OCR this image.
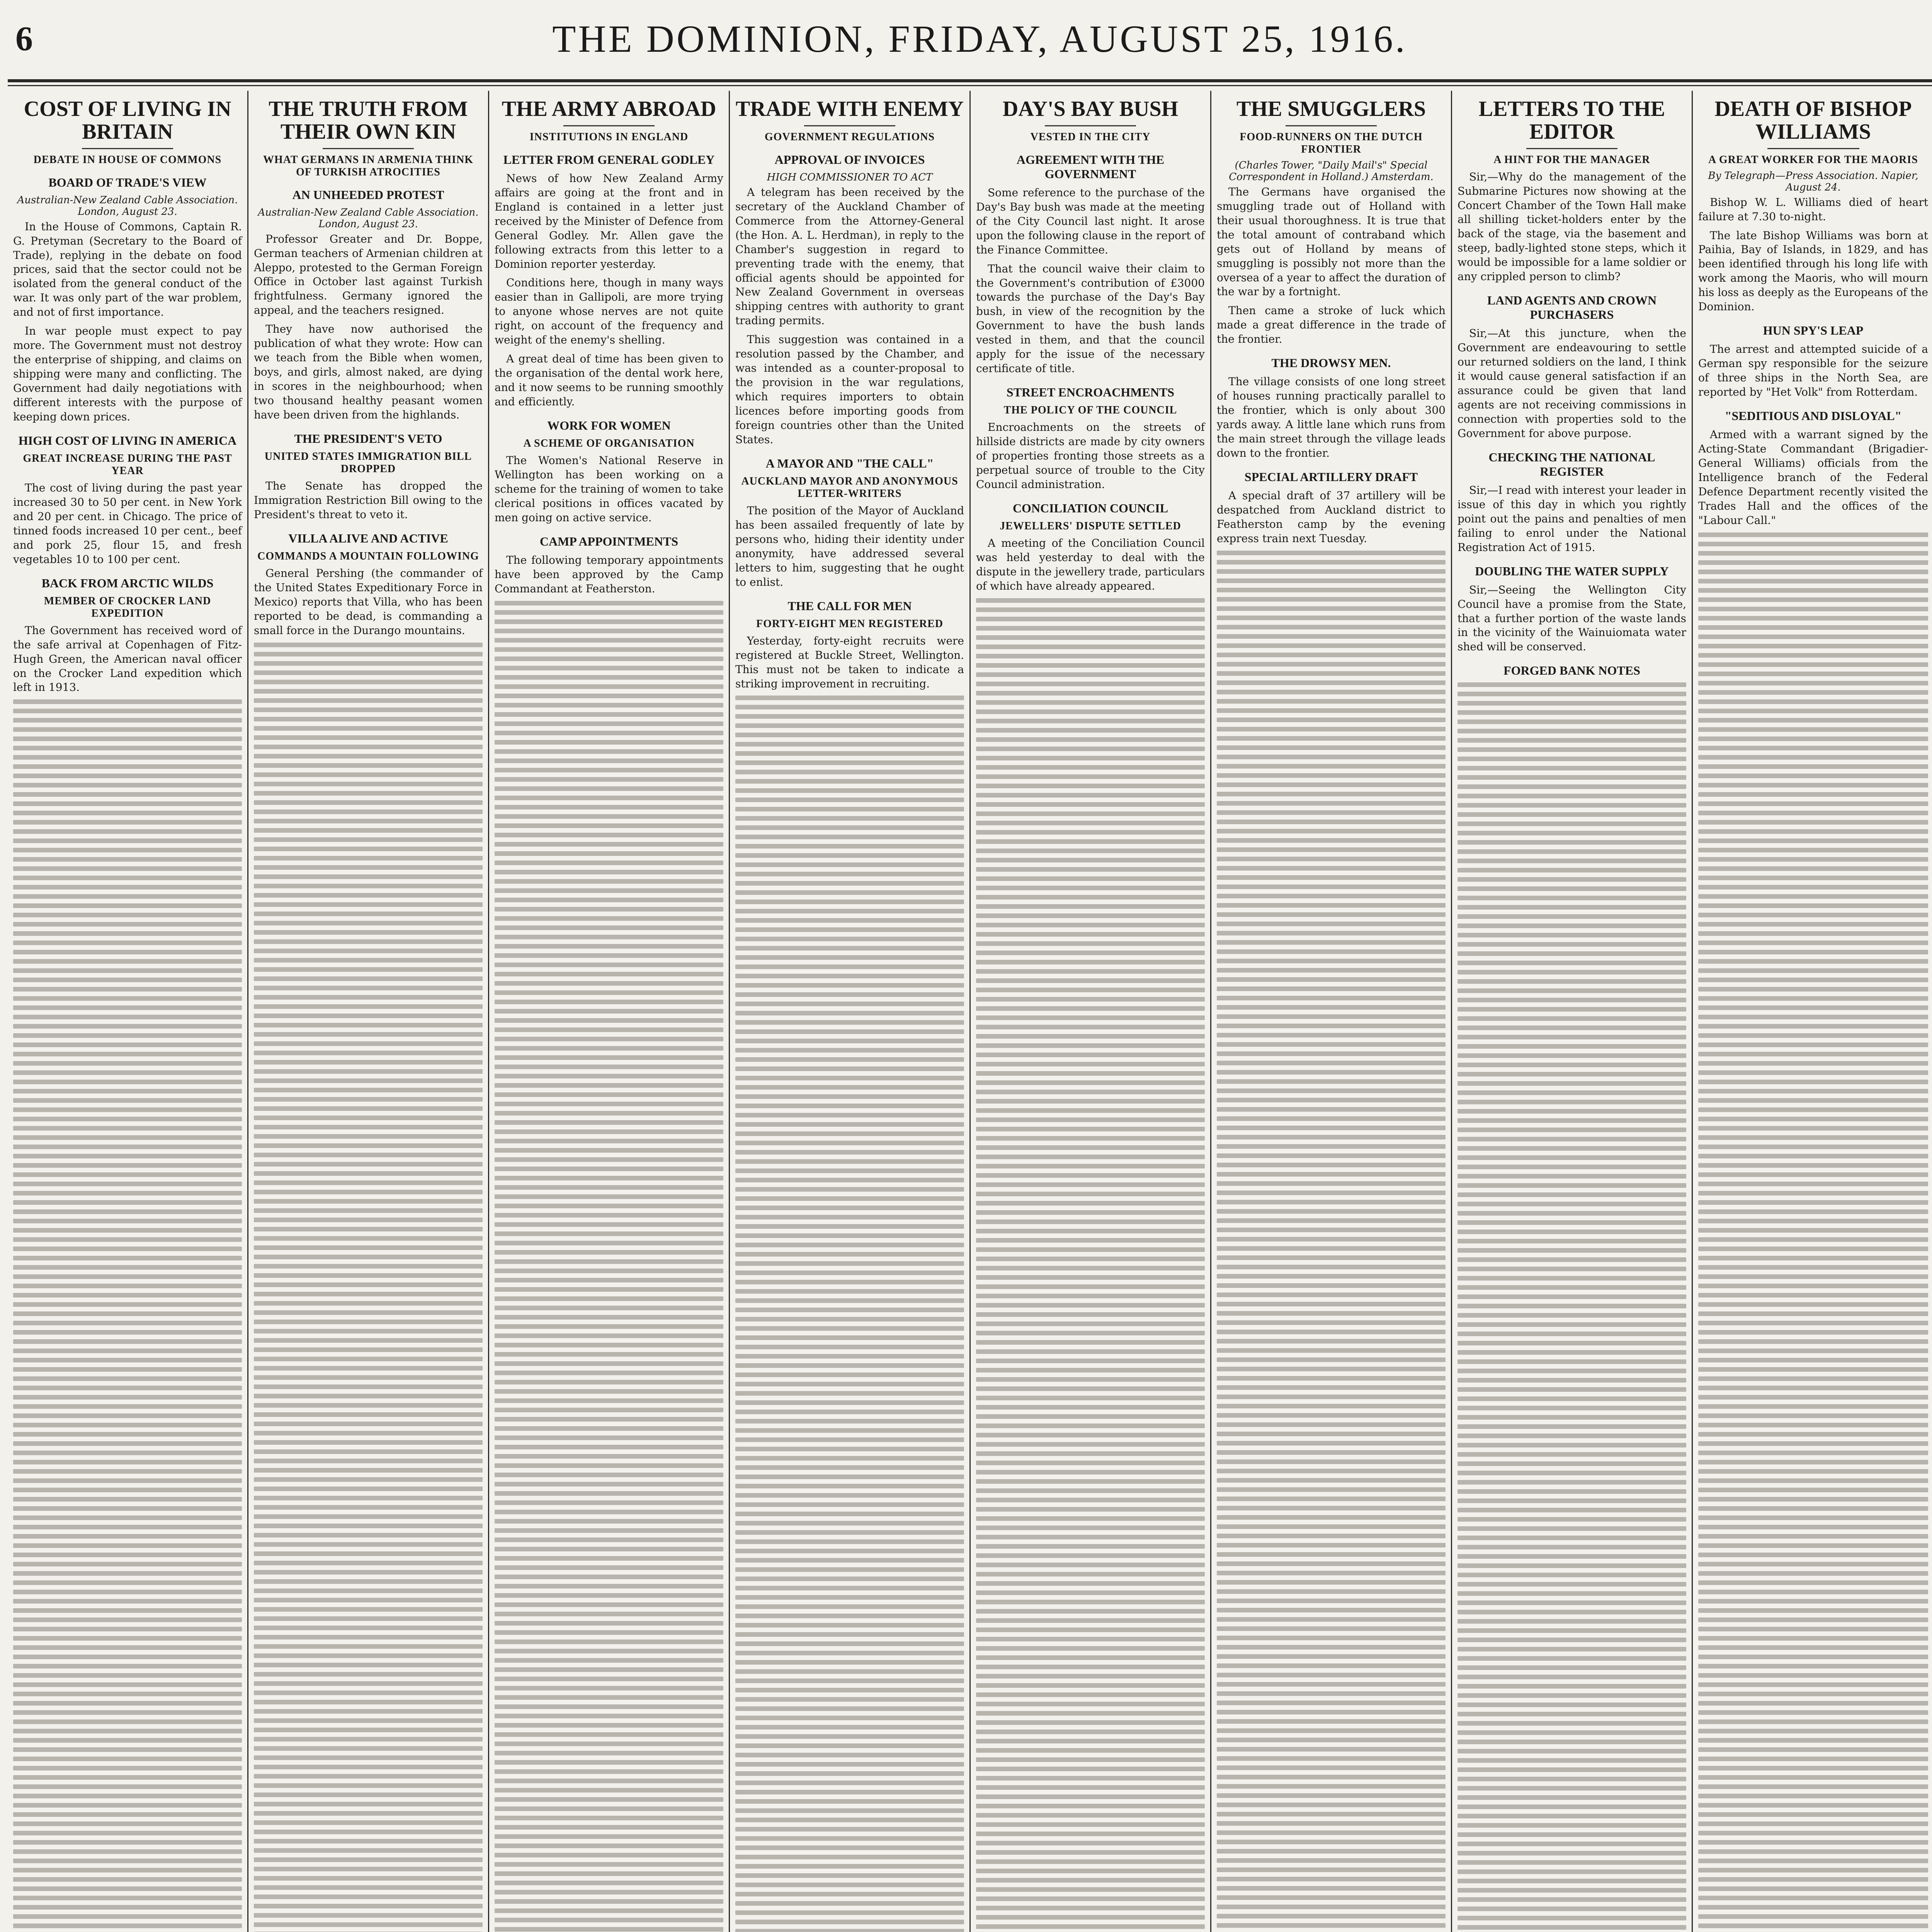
6	THE DOMINION, FRIDAY, AUGUST 25, 1916.
COST OF LIVING IN BRITAIN
DEBATE IN HOUSE OF COMMONS
BOARD OF TRADE'S VIEW
Australian-New Zealand Cable Association. London, August 23.

In the House of Commons, Captain R. G. Pretyman (Secretary to the Board of Trade), replying in the debate on food prices, said that the sector could not be isolated from the general conduct of the war. It was only part of the war problem, and not of first importance.

In war people must expect to pay more. The Government must not destroy the enterprise of shipping, and claims on shipping were many and conflicting. The Government had daily negotiations with different interests with the purpose of keeping down prices.

HIGH COST OF LIVING IN AMERICA
GREAT INCREASE DURING THE PAST YEAR

The cost of living during the past year increased 30 to 50 per cent. in New York and 20 per cent. in Chicago. The price of tinned foods increased 10 per cent., beef and pork 25, flour 15, and fresh vegetables 10 to 100 per cent.

BACK FROM ARCTIC WILDS
MEMBER OF CROCKER LAND EXPEDITION

The Government has received word of the safe arrival at Copenhagen of Fitz-Hugh Green, the American naval officer on the Crocker Land expedition which left in 1913.

THE TRUTH FROM THEIR OWN KIN
WHAT GERMANS IN ARMENIA THINK OF TURKISH ATROCITIES
AN UNHEEDED PROTEST
Australian-New Zealand Cable Association. London, August 23.

Professor Greater and Dr. Boppe, German teachers of Armenian children at Aleppo, protested to the German Foreign Office in October last against Turkish frightfulness. Germany ignored the appeal, and the teachers resigned.

They have now authorised the publication of what they wrote: How can we teach from the Bible when women, boys, and girls, almost naked, are dying in scores in the neighbourhood; when two thousand healthy peasant women have been driven from the highlands.

THE PRESIDENT'S VETO
UNITED STATES IMMIGRATION BILL DROPPED

The Senate has dropped the Immigration Restriction Bill owing to the President's threat to veto it.

VILLA ALIVE AND ACTIVE
COMMANDS A MOUNTAIN FOLLOWING

General Pershing (the commander of the United States Expeditionary Force in Mexico) reports that Villa, who has been reported to be dead, is commanding a small force in the Durango mountains.

THE ARMY ABROAD
INSTITUTIONS IN ENGLAND
LETTER FROM GENERAL GODLEY

News of how New Zealand Army affairs are going at the front and in England is contained in a letter just received by the Minister of Defence from General Godley. Mr. Allen gave the following extracts from this letter to a Dominion reporter yesterday.

Conditions here, though in many ways easier than in Gallipoli, are more trying to anyone whose nerves are not quite right, on account of the frequency and weight of the enemy's shelling.

A great deal of time has been given to the organisation of the dental work here, and it now seems to be running smoothly and efficiently.

WORK FOR WOMEN
A SCHEME OF ORGANISATION

The Women's National Reserve in Wellington has been working on a scheme for the training of women to take clerical positions in offices vacated by men going on active service.

CAMP APPOINTMENTS

The following temporary appointments have been approved by the Camp Commandant at Featherston.

TRADE WITH ENEMY
GOVERNMENT REGULATIONS
APPROVAL OF INVOICES
HIGH COMMISSIONER TO ACT

A telegram has been received by the secretary of the Auckland Chamber of Commerce from the Attorney-General (the Hon. A. L. Herdman), in reply to the Chamber's suggestion in regard to preventing trade with the enemy, that official agents should be appointed for New Zealand Government in overseas shipping centres with authority to grant trading permits.

This suggestion was contained in a resolution passed by the Chamber, and was intended as a counter-proposal to the provision in the war regulations, which requires importers to obtain licences before importing goods from foreign countries other than the United States.

A MAYOR AND "THE CALL"
AUCKLAND MAYOR AND ANONYMOUS LETTER-WRITERS

The position of the Mayor of Auckland has been assailed frequently of late by persons who, hiding their identity under anonymity, have addressed several letters to him, suggesting that he ought to enlist.

THE CALL FOR MEN
FORTY-EIGHT MEN REGISTERED

Yesterday, forty-eight recruits were registered at Buckle Street, Wellington. This must not be taken to indicate a striking improvement in recruiting.

DAY'S BAY BUSH
VESTED IN THE CITY
AGREEMENT WITH THE GOVERNMENT

Some reference to the purchase of the Day's Bay bush was made at the meeting of the City Council last night. It arose upon the following clause in the report of the Finance Committee.

That the council waive their claim to the Government's contribution of £3000 towards the purchase of the Day's Bay bush, in view of the recognition by the Government to have the bush lands vested in them, and that the council apply for the issue of the necessary certificate of title.

STREET ENCROACHMENTS
THE POLICY OF THE COUNCIL

Encroachments on the streets of hillside districts are made by city owners of properties fronting those streets as a perpetual source of trouble to the City Council administration.

CONCILIATION COUNCIL
JEWELLERS' DISPUTE SETTLED

A meeting of the Conciliation Council was held yesterday to deal with the dispute in the jewellery trade, particulars of which have already appeared.

THE SMUGGLERS
FOOD-RUNNERS ON THE DUTCH FRONTIER
(Charles Tower, "Daily Mail's" Special Correspondent in Holland.) Amsterdam.

The Germans have organised the smuggling trade out of Holland with their usual thoroughness. It is true that the total amount of contraband which gets out of Holland by means of smuggling is possibly not more than the oversea of a year to affect the duration of the war by a fortnight.

Then came a stroke of luck which made a great difference in the trade of the frontier.

THE DROWSY MEN.

The village consists of one long street of houses running practically parallel to the frontier, which is only about 300 yards away. A little lane which runs from the main street through the village leads down to the frontier.

SPECIAL ARTILLERY DRAFT

A special draft of 37 artillery will be despatched from Auckland district to Featherston camp by the evening express train next Tuesday.

LETTERS TO THE EDITOR
A HINT FOR THE MANAGER

Sir,—Why do the management of the Submarine Pictures now showing at the Concert Chamber of the Town Hall make all shilling ticket-holders enter by the back of the stage, via the basement and steep, badly-lighted stone steps, which it would be impossible for a lame soldier or any crippled person to climb?

LAND AGENTS AND CROWN PURCHASERS

Sir,—At this juncture, when the Government are endeavouring to settle our returned soldiers on the land, I think it would cause general satisfaction if an assurance could be given that land agents are not receiving commissions in connection with properties sold to the Government for above purpose.

CHECKING THE NATIONAL REGISTER

Sir,—I read with interest your leader in issue of this day in which you rightly point out the pains and penalties of men failing to enrol under the National Registration Act of 1915.

DOUBLING THE WATER SUPPLY

Sir,—Seeing the Wellington City Council have a promise from the State, that a further portion of the waste lands in the vicinity of the Wainuiomata water shed will be conserved.

FORGED BANK NOTES
DEATH OF BISHOP WILLIAMS
A GREAT WORKER FOR THE MAORIS
By Telegraph—Press Association. Napier, August 24.

Bishop W. L. Williams died of heart failure at 7.30 to-night.

The late Bishop Williams was born at Paihia, Bay of Islands, in 1829, and has been identified through his long life with work among the Maoris, who will mourn his loss as deeply as the Europeans of the Dominion.

HUN SPY'S LEAP

The arrest and attempted suicide of a German spy responsible for the seizure of three ships in the North Sea, are reported by "Het Volk" from Rotterdam.

"SEDITIOUS AND DISLOYAL"

Armed with a warrant signed by the Acting-State Commandant (Brigadier-General Williams) officials from the Intelligence branch of the Federal Defence Department recently visited the Trades Hall and the offices of the "Labour Call."
